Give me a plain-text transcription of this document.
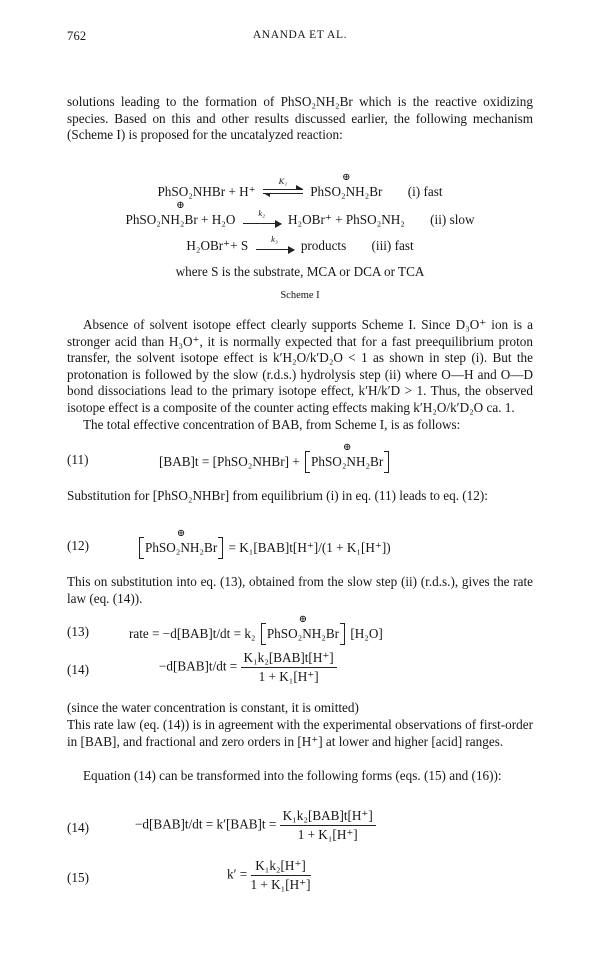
762	ANANDA ET AL.

solutions leading to the formation of PhSO₂NH₂Br which is the reactive oxidizing species. Based on this and other results discussed earlier, the following mechanism (Scheme I) is proposed for the uncatalyzed reaction:

PhSO₂NHBr + H⁺
K₁
	⊕
PhSO₂NH₂Br (i) fast
⊕
PhSO₂NH₂Br + H₂O	k₂	H₂OBr⁺ + PhSO₂NH₂ (ii) slow
H₂OBr⁺+ S	k₃	products (iii) fast
where S is the substrate, MCA or DCA or TCA
Scheme I

Absence of solvent isotope effect clearly supports Scheme I. Since D₃O⁺ ion is a stronger acid than H₃O⁺, it is normally expected that for a fast preequilibrium proton transfer, the solvent isotope effect is k′H₂O/k′D₂O < 1 as shown in step (i). But the protonation is followed by the slow (r.d.s.) hydrolysis step (ii) where O—H and O—D bond dissociations lead to the primary isotope effect, k′H/k′D > 1. Thus, the observed isotope effect is a composite of the counter acting effects making k′H₂O/k′D₂O ca. 1.

The total effective concentration of BAB, from Scheme I, is as follows:

(11)	[BAB]t = [PhSO₂NHBr] +
⊕
PhSO₂NH₂Br

Substitution for [PhSO₂NHBr] from equilibrium (i) in eq. (11) leads to eq. (12):

(12)
⊕
PhSO₂NH₂Br = K₁[BAB]t[H⁺]/(1 + K₁[H⁺])

This on substitution into eq. (13), obtained from the slow step (ii) (r.d.s.), gives the rate law (eq. (14)).

(13)	rate = −d[BAB]t/dt = k₂
⊕
PhSO₂NH₂Br [H₂O]
(14)	$-d[BAB]t/dt = \frac{\text{K₁k₂[BAB]t[H⁺]}}{\text{1 + K₁[H⁺]}}$

(since the water concentration is constant, it is omitted)

This rate law (eq. (14)) is in agreement with the experimental observations of first-order in [BAB], and fractional and zero orders in [H⁺] at lower and higher [acid] ranges.

Equation (14) can be transformed into the following forms (eqs. (15) and (16)):

(14)	$-d[BAB]t/dt = k'[BAB]t = \frac{\text{K₁k₂[BAB]t[H⁺]}}{\text{1 + K₁[H⁺]}}$
(15)	$k' = \frac{\text{K₁k₂[H⁺]}}{\text{1 + K₁[H⁺]}}$
